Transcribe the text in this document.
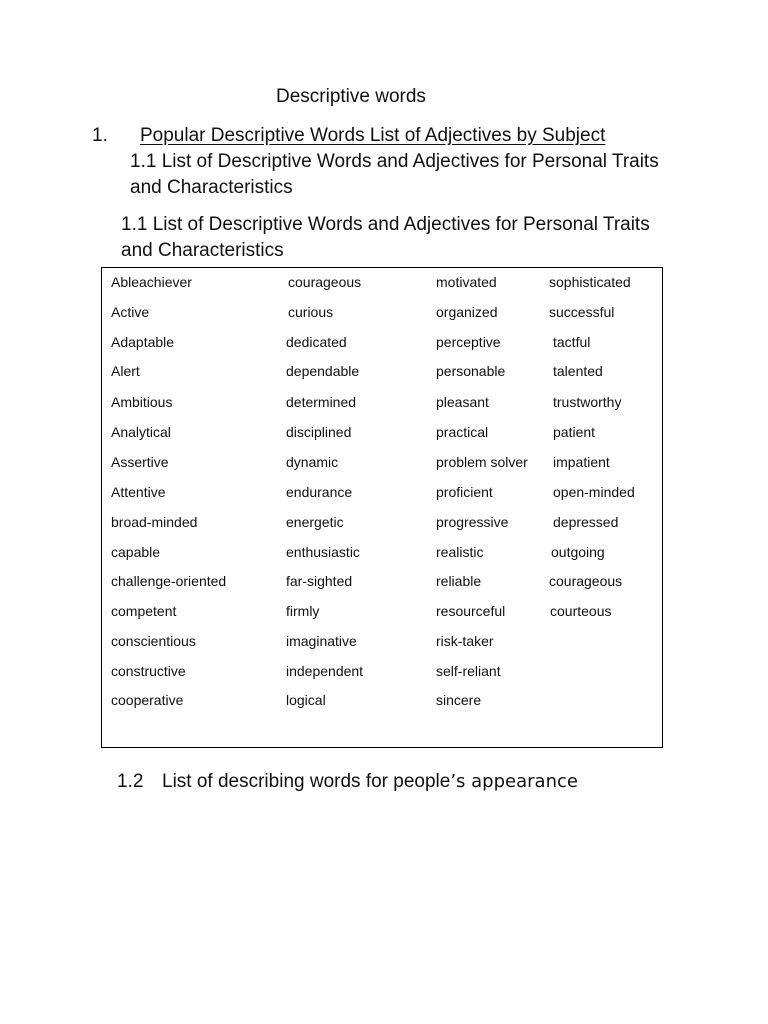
Descriptive words
1. Popular Descriptive Words List of Adjectives by Subject
1.1 List of Descriptive Words and Adjectives for Personal Traits and Characteristics
1.1 List of Descriptive Words and Adjectives for Personal Traits and Characteristics
Ableachiever
Active
Adaptable
Alert
Ambitious
Analytical
Assertive
Attentive
broad-minded
capable
challenge-oriented
competent
conscientious
constructive
cooperative
courageous
curious
dedicated
dependable
determined
disciplined
dynamic
endurance
energetic
enthusiastic
far-sighted
firmly
imaginative
independent
logical
motivated
organized
perceptive
personable
pleasant
practical
problem solver
proficient
progressive
realistic
reliable
resourceful
risk-taker
self-reliant
sincere
sophisticated
successful
tactful
talented
trustworthy
patient
impatient
open-minded
depressed
outgoing
courageous
courteous
1.2 List of describing words for people’s appearance
